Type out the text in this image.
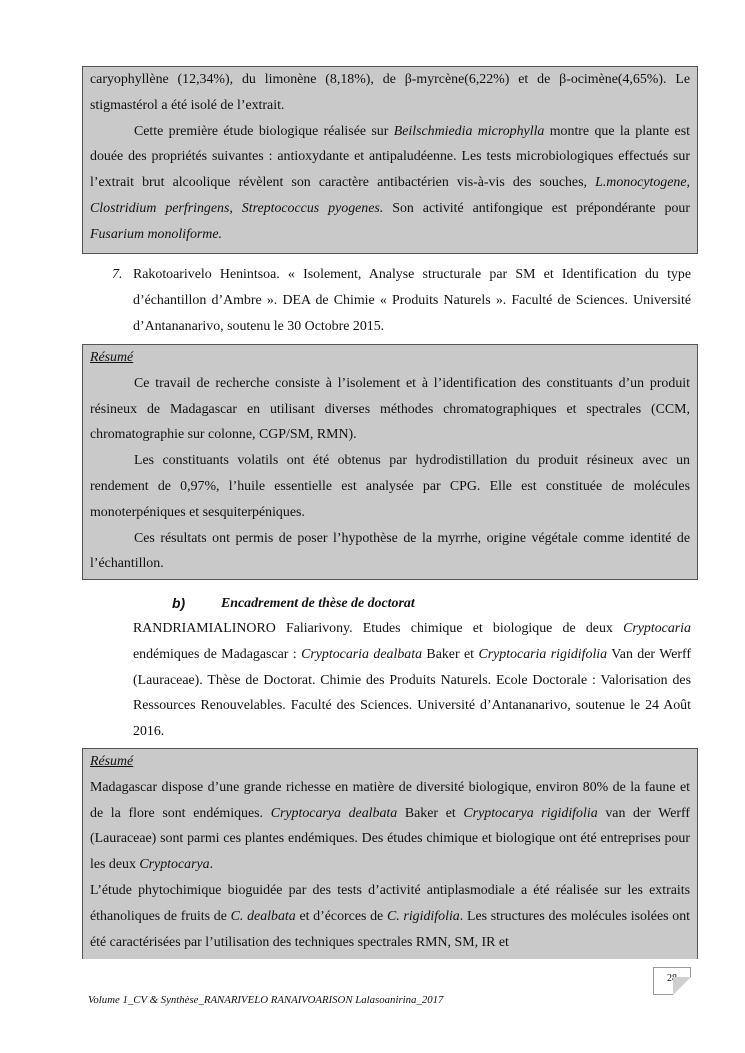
caryophyllène (12,34%), du limonène (8,18%), de β-myrcène(6,22%) et de β-ocimène(4,65%). Le stigmastérol a été isolé de l’extrait.

Cette première étude biologique réalisée sur Beilschmiedia microphylla montre que la plante est douée des propriétés suivantes : antioxydante et antipaludéenne. Les tests microbiologiques effectués sur l’extrait brut alcoolique révèlent son caractère antibactérien vis-à-vis des souches, L.monocytogene, Clostridium perfringens, Streptococcus pyogenes. Son activité antifongique est prépondérante pour Fusarium monoliforme.

7. Rakotoarivelo Henintsoa. « Isolement, Analyse structurale par SM et Identification du type d’échantillon d’Ambre ». DEA de Chimie « Produits Naturels ». Faculté de Sciences. Université d’Antananarivo, soutenu le 30 Octobre 2015.

Résumé

Ce travail de recherche consiste à l’isolement et à l’identification des constituants d’un produit résineux de Madagascar en utilisant diverses méthodes chromatographiques et spectrales (CCM, chromatographie sur colonne, CGP/SM, RMN).

Les constituants volatils ont été obtenus par hydrodistillation du produit résineux avec un rendement de 0,97%, l’huile essentielle est analysée par CPG. Elle est constituée de molécules monoterpéniques et sesquiterpéniques.

Ces résultats ont permis de poser l’hypothèse de la myrrhe, origine végétale comme identité de l’échantillon.

b)	Encadrement de thèse de doctorat
RANDRIAMIALINORO Faliarivony. Etudes chimique et biologique de deux Cryptocaria endémiques de Madagascar : Cryptocaria dealbata Baker et Cryptocaria rigidifolia Van der Werff (Lauraceae). Thèse de Doctorat. Chimie des Produits Naturels. Ecole Doctorale : Valorisation des Ressources Renouvelables. Faculté des Sciences. Université d’Antananarivo, soutenue le 24 Août 2016.

Résumé

Madagascar dispose d’une grande richesse en matière de diversité biologique, environ 80% de la faune et de la flore sont endémiques. Cryptocarya dealbata Baker et Cryptocarya rigidifolia van der Werff (Lauraceae) sont parmi ces plantes endémiques. Des études chimique et biologique ont été entreprises pour les deux Cryptocarya.

L’étude phytochimique bioguidée par des tests d’activité antiplasmodiale a été réalisée sur les extraits éthanoliques de fruits de C. dealbata et d’écorces de C. rigidifolia. Les structures des molécules isolées ont été caractérisées par l’utilisation des techniques spectrales RMN, SM, IR et

28
Volume 1_CV & Synthèse_RANARIVELO RANAIVOARISON Lalasoanirina_2017
